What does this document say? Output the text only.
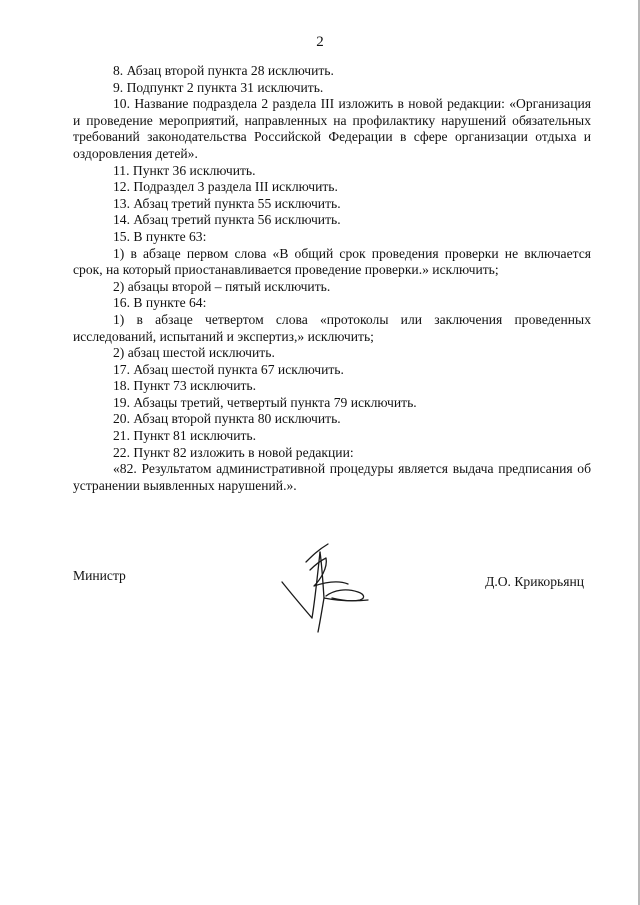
2

8. Абзац второй пункта 28 исключить.

9. Подпункт 2 пункта 31 исключить.

10. Название подраздела 2 раздела III изложить в новой редакции: «Организация и проведение мероприятий, направленных на профилактику нарушений обязательных требований законодательства Российской Федерации в сфере организации отдыха и оздоровления детей».

11. Пункт 36 исключить.

12. Подраздел 3 раздела III исключить.

13. Абзац третий пункта 55 исключить.

14. Абзац третий пункта 56 исключить.

15. В пункте 63:

1) в абзаце первом слова «В общий срок проведения проверки не включается срок, на который приостанавливается проведение проверки.» исключить;

2) абзацы второй – пятый исключить.

16. В пункте 64:

1) в абзаце четвертом слова «протоколы или заключения проведенных исследований, испытаний и экспертиз,» исключить;

2) абзац шестой исключить.

17. Абзац шестой пункта 67 исключить.

18. Пункт 73 исключить.

19. Абзацы третий, четвертый пункта 79 исключить.

20. Абзац второй пункта 80 исключить.

21. Пункт 81 исключить.

22. Пункт 82 изложить в новой редакции:

«82. Результатом административной процедуры является выдача предписания об устранении выявленных нарушений.».

Министр	Д.О. Крикорьянц
